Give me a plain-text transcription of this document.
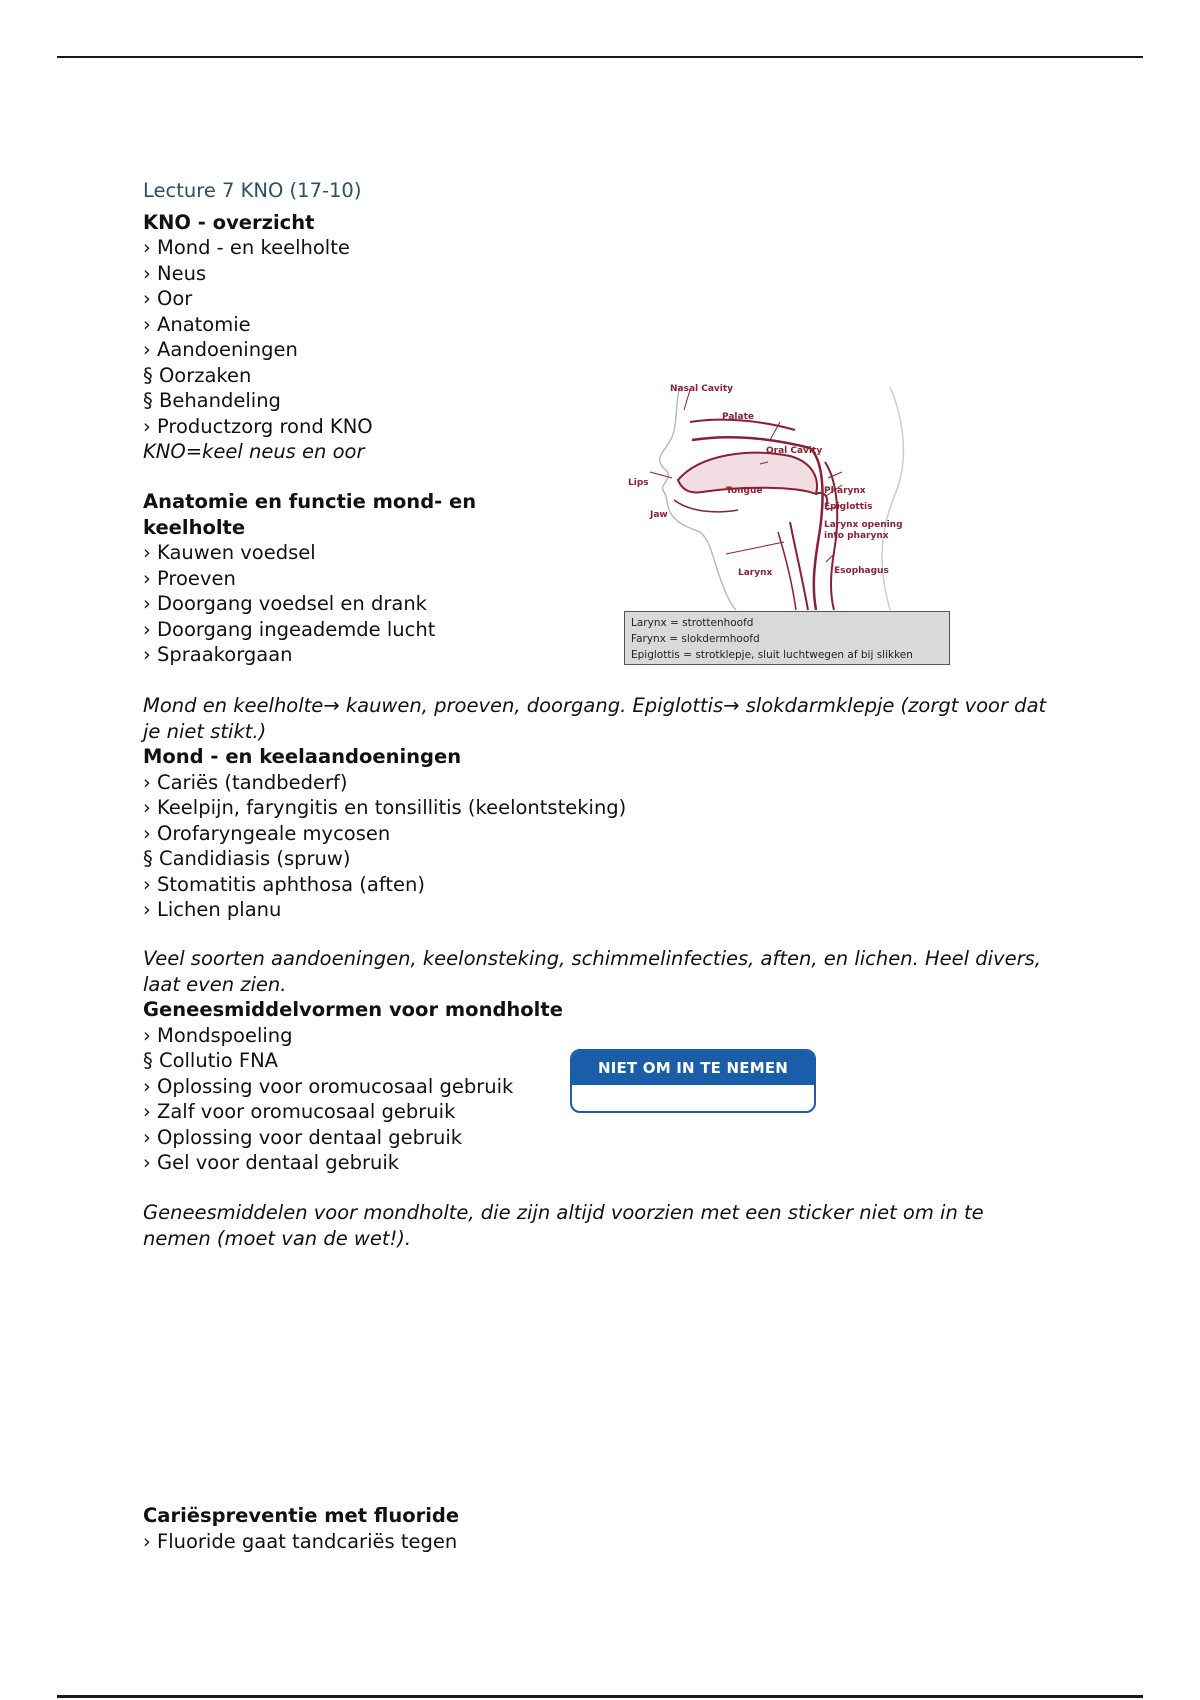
Lecture 7 KNO (17-10)
KNO - overzicht
› Mond - en keelholte
› Neus
› Oor
› Anatomie
› Aandoeningen
§ Oorzaken
§ Behandeling
› Productzorg rond KNO
KNO=keel neus en oor
Anatomie en functie mond- en
keelholte
› Kauwen voedsel
› Proeven
› Doorgang voedsel en drank
› Doorgang ingeademde lucht
› Spraakorgaan
Mond en keelholte→ kauwen, proeven, doorgang. Epiglottis→ slokdarmklepje (zorgt voor dat je niet stikt.)
Mond - en keelaandoeningen
› Cariës (tandbederf)
› Keelpijn, faryngitis en tonsillitis (keelontsteking)
› Orofaryngeale mycosen
§ Candidiasis (spruw)
› Stomatitis aphthosa (aften)
› Lichen planu
Veel soorten aandoeningen, keelonsteking, schimmelinfecties, aften, en lichen. Heel divers, laat even zien.
Geneesmiddelvormen voor mondholte
› Mondspoeling
§ Collutio FNA
› Oplossing voor oromucosaal gebruik
› Zalf voor oromucosaal gebruik
› Oplossing voor dentaal gebruik
› Gel voor dentaal gebruik
Geneesmiddelen voor mondholte, die zijn altijd voorzien met een sticker niet om in te nemen (moet van de wet!).
Cariëspreventie met fluoride
› Fluoride gaat tandcariës tegen
Nasal Cavity
Palate
Oral Cavity
Lips
Tongue
Jaw
Pharynx
Epiglottis
Larynx opening
into pharynx
Larynx	Esophagus
Larynx = strottenhoofd
Farynx = slokdermhoofd
Epiglottis = strotklepje, sluit luchtwegen af bij slikken
NIET OM IN TE NEMEN
